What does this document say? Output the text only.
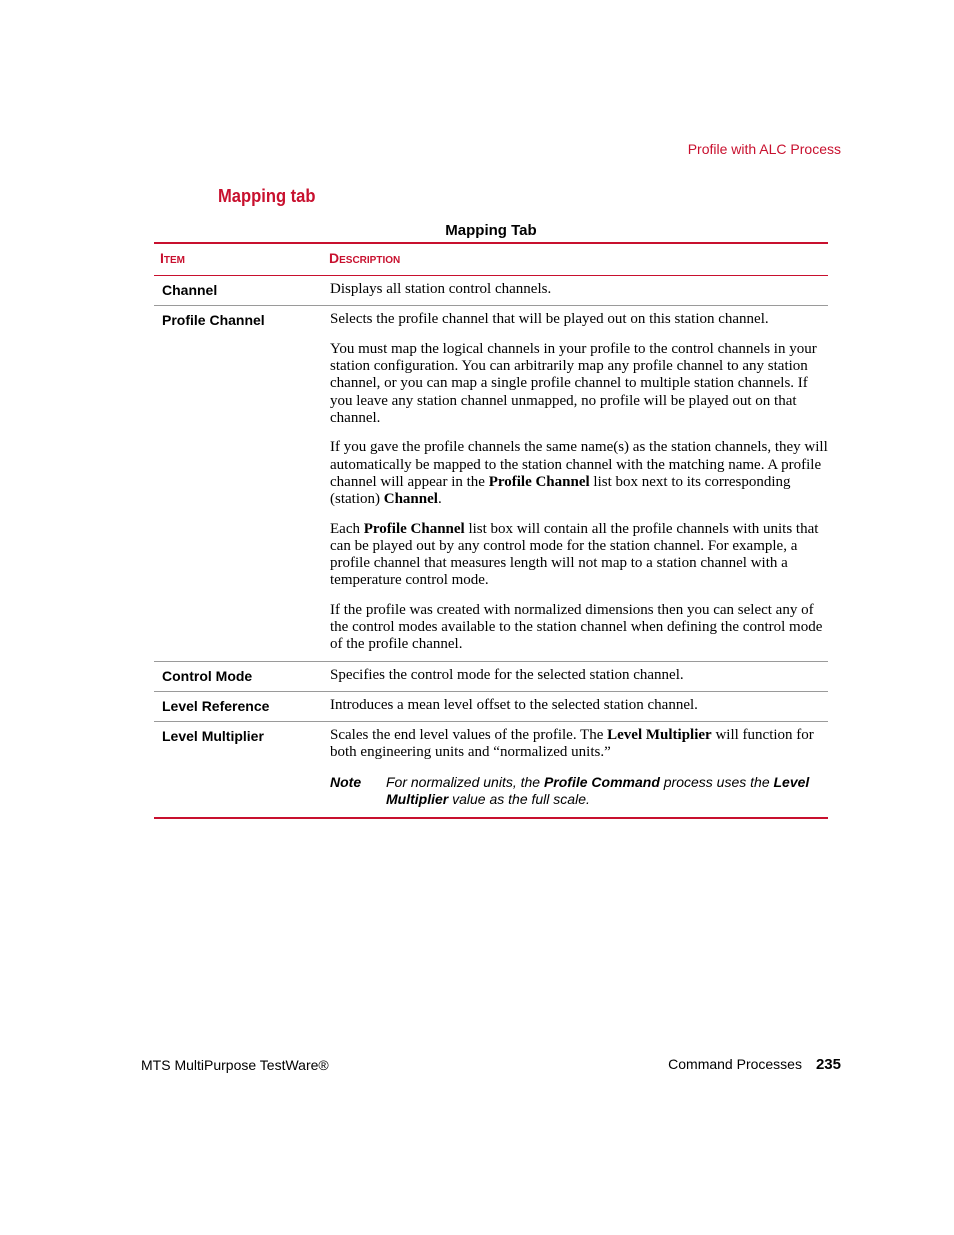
Profile with ALC Process
Mapping tab
Mapping Tab
Item	Description
Channel	Displays all station control channels.

Profile Channel	Selects the profile channel that will be played out on this station channel.

You must map the logical channels in your profile to the control channels in your station configuration. You can arbitrarily map any profile channel to any station channel, or you can map a single profile channel to multiple station channels. If you leave any station channel unmapped, no profile will be played out on that channel.

If you gave the profile channels the same name(s) as the station channels, they will automatically be mapped to the station channel with the matching name. A profile channel will appear in the Profile Channel list box next to its corresponding (station) Channel.

Each Profile Channel list box will contain all the profile channels with units that can be played out by any control mode for the station channel. For example, a profile channel that measures length will not map to a station channel with a temperature control mode.

If the profile was created with normalized dimensions then you can select any of the control modes available to the station channel when defining the control mode of the profile channel.

Control Mode	Specifies the control mode for the selected station channel.

Level Reference	Introduces a mean level offset to the selected station channel.

Level Multiplier	Scales the end level values of the profile. The Level Multiplier will function for both engineering units and “normalized units.”

Note	For normalized units, the Profile Command process uses the Level Multiplier value as the full scale.
MTS MultiPurpose TestWare®	Command Processes 235
